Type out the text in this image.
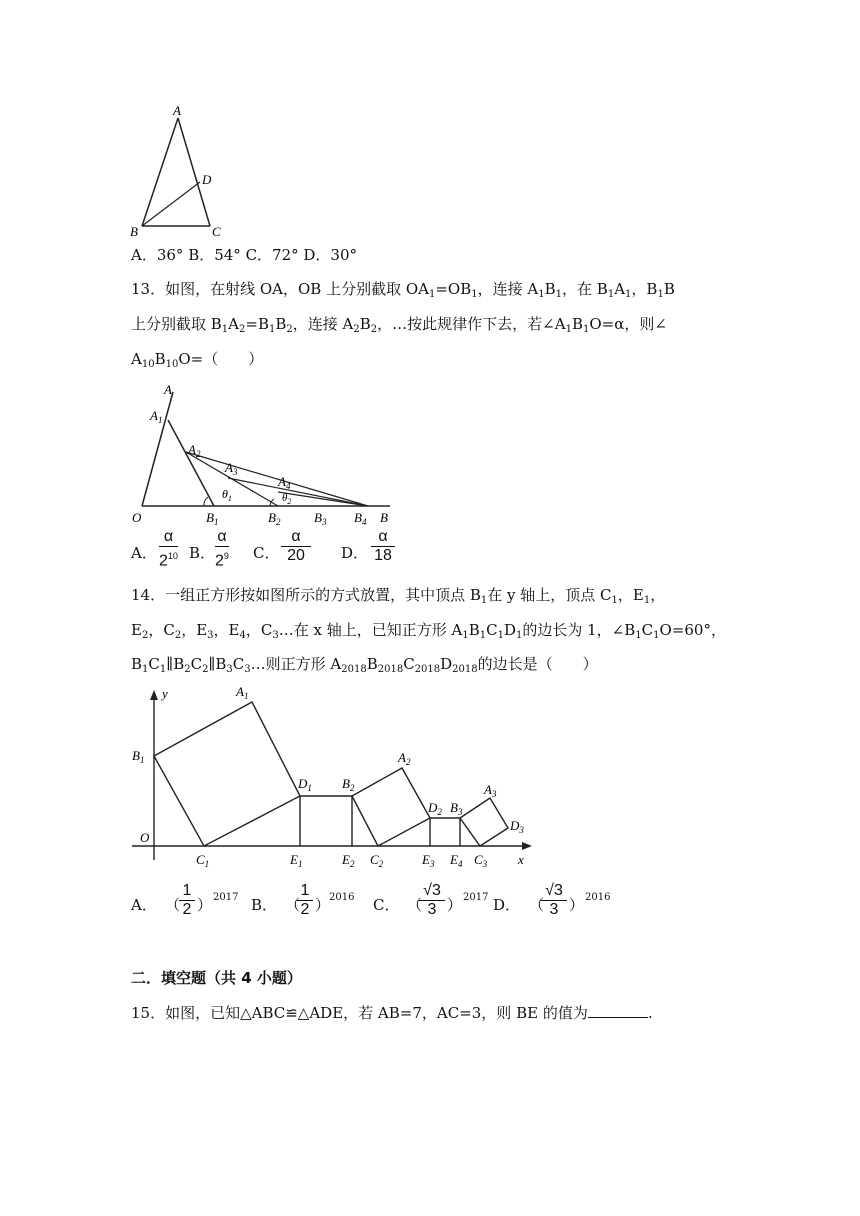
A
D
B	C
A．36° B．54° C．72° D．30°
13．如图，在射线 OA，OB 上分别截取 $OA_1=OB_1$，连接 $A_1B_1$，在 $B_1A_1$，$B_1B$
上分别截取 $B_1A_2=B_1B_2$，连接 $A_2B_2$，…按此规律作下去，若$\angle A_1B_1O=\alpha$，则∠
$A_{10}B_{10}O=$（　　）
A
$A_1$
$A_2$
$A_3$
$A_4$
$\theta_1$	$\theta_2$
O	$B_1$	$B_2$	$B_3$ $B_4$ B
A． $\frac{\alpha}{2^{10}}$ B． $\frac{\alpha}{2^9}$ C． $\frac{\alpha}{20}$ D． $\frac{\alpha}{18}$
14．一组正方形按如图所示的方式放置，其中顶点 $B_1$在 y 轴上，顶点 $C_1$，$E_1$，
$E_2$，$C_2$，$E_3$，$E_4$，$C_3\dots$在 x 轴上，已知正方形 $A_1B_1C_1D_1$的边长为 1，$\angle B_1C_1O=60^\circ$，
$B_1C_1\parallel B_2C_2\parallel B_3C_3\dots$则正方形 $A_{2018}B_{2018}C_{2018}D_{2018}$的边长是（　　）
y
x
O
$B_1$
$A_1$
$D_1$ $B_2$
$A_2$
$D_2$ $B_3$
$A_3$
$D_3$
$C_1$	$E_1$	$E_2$ $C_2$	$E_3$ $E_4$ $C_3$
A． （
$\frac{1}{2}$ ） 2017 B． （
$\frac{1}{2}$ ）
2016 C． （
$\frac{√3}{3}$ ） 2017 D． （
$\frac{√3}{3}$ ） 2016
二．填空题（共 4 小题）
15．如图，已知△ABC≌△ADE，若 AB=7，AC=3，则 BE 的值为	.
